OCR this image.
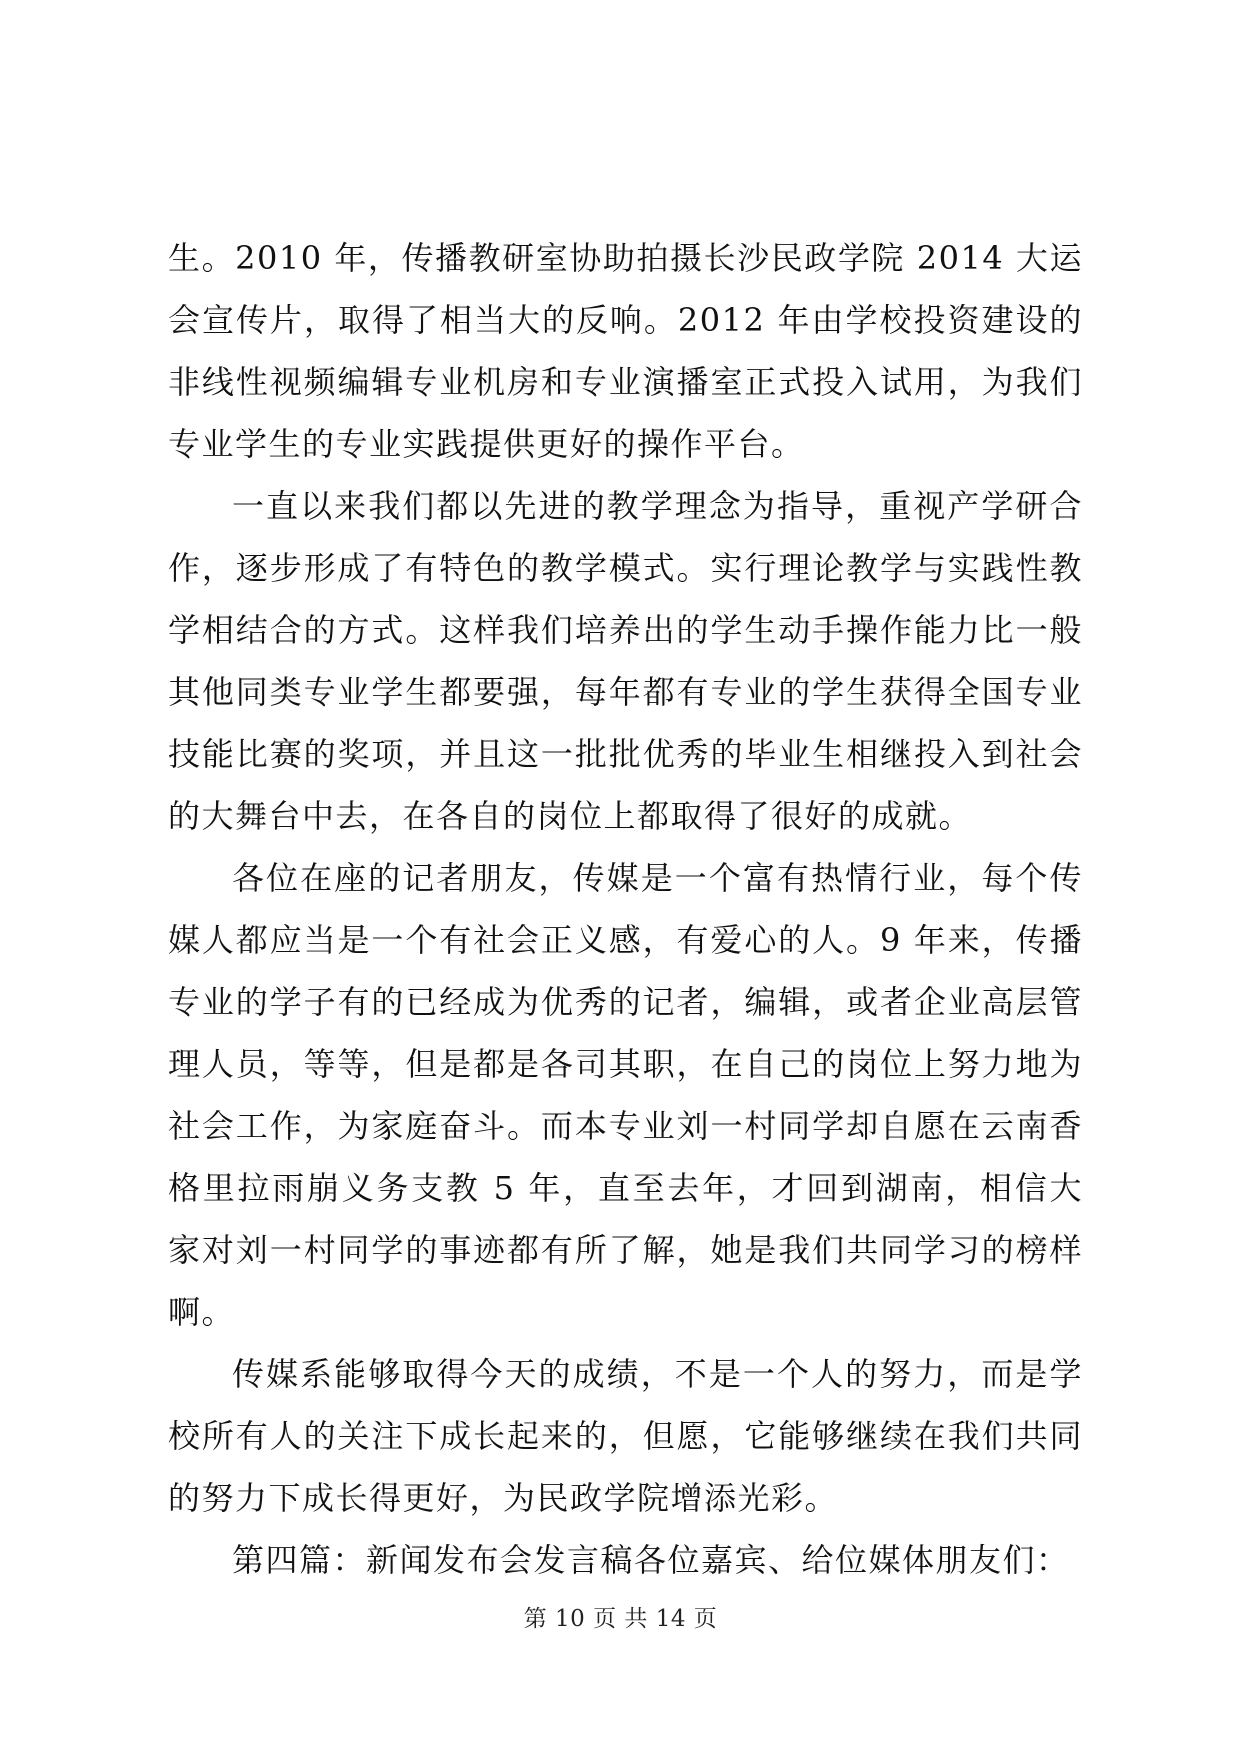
生。2010 年，传播教研室协助拍摄长沙民政学院 2014 大运会宣传片，取得了相当大的反响。2012 年由学校投资建设的非线性视频编辑专业机房和专业演播室正式投入试用，为我们专业学生的专业实践提供更好的操作平台。

一直以来我们都以先进的教学理念为指导，重视产学研合作，逐步形成了有特色的教学模式。实行理论教学与实践性教学相结合的方式。这样我们培养出的学生动手操作能力比一般其他同类专业学生都要强，每年都有专业的学生获得全国专业技能比赛的奖项，并且这一批批优秀的毕业生相继投入到社会的大舞台中去，在各自的岗位上都取得了很好的成就。

各位在座的记者朋友，传媒是一个富有热情行业，每个传媒人都应当是一个有社会正义感，有爱心的人。9 年来，传播专业的学子有的已经成为优秀的记者，编辑，或者企业高层管理人员，等等，但是都是各司其职，在自己的岗位上努力地为社会工作，为家庭奋斗。而本专业刘一村同学却自愿在云南香格里拉雨崩义务支教 5 年，直至去年，才回到湖南，相信大家对刘一村同学的事迹都有所了解，她是我们共同学习的榜样啊。

传媒系能够取得今天的成绩，不是一个人的努力，而是学校所有人的关注下成长起来的，但愿，它能够继续在我们共同的努力下成长得更好，为民政学院增添光彩。

第四篇：新闻发布会发言稿各位嘉宾、给位媒体朋友们：

第 10 页 共 14 页
